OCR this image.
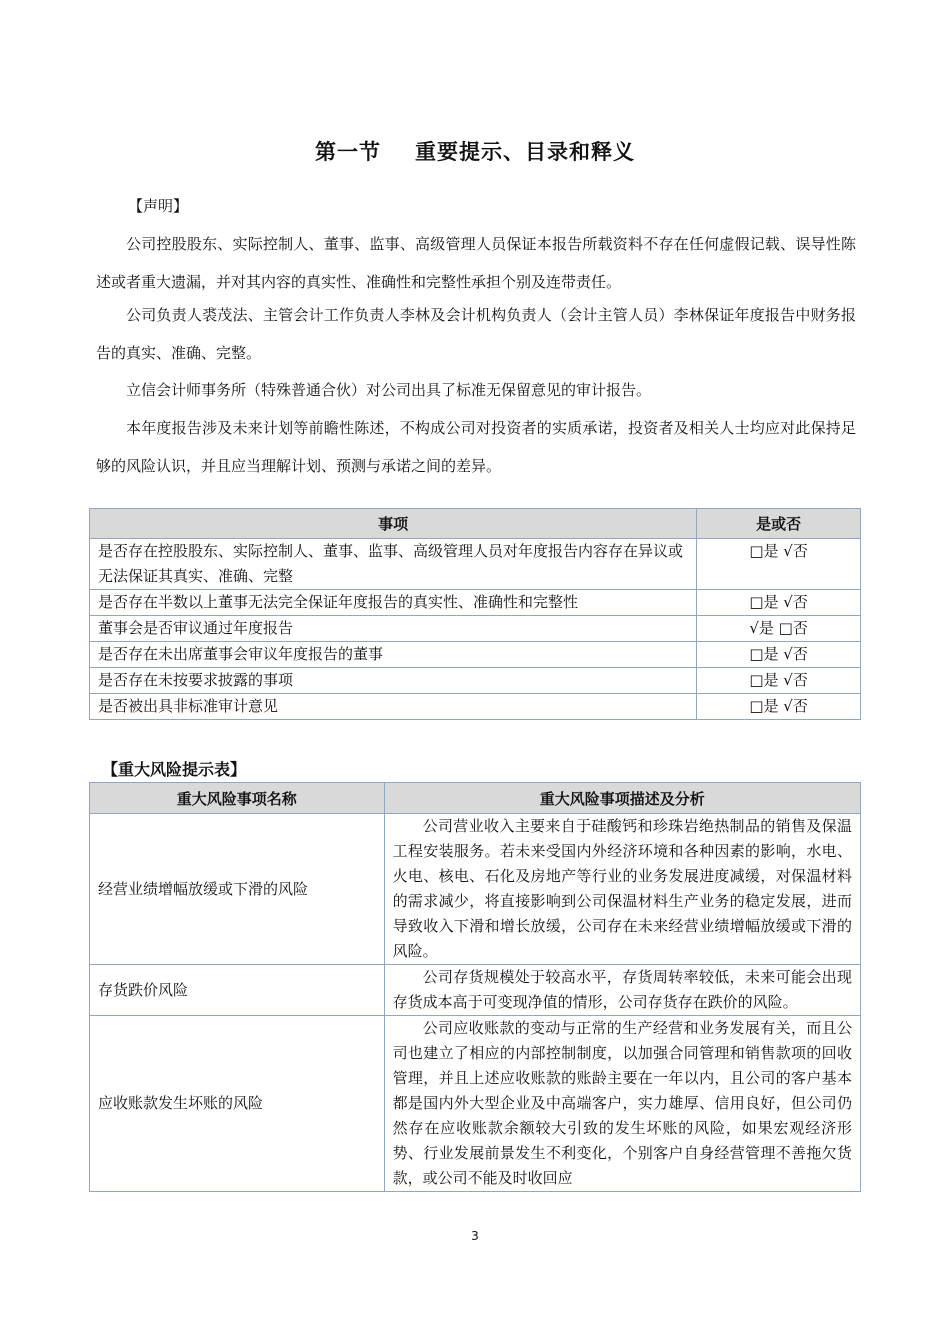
第一节 重要提示、目录和释义

【声明】

公司控股股东、实际控制人、董事、监事、高级管理人员保证本报告所载资料不存在任何虚假记载、误导性陈述或者重大遗漏，并对其内容的真实性、准确性和完整性承担个别及连带责任。

公司负责人裘茂法、主管会计工作负责人李林及会计机构负责人（会计主管人员）李林保证年度报告中财务报告的真实、准确、完整。

立信会计师事务所（特殊普通合伙）对公司出具了标准无保留意见的审计报告。

本年度报告涉及未来计划等前瞻性陈述，不构成公司对投资者的实质承诺，投资者及相关人士均应对此保持足够的风险认识，并且应当理解计划、预测与承诺之间的差异。

事项	是或否
是否存在控股股东、实际控制人、董事、监事、高级管理人员对年度报告内容存在异议或无法保证其真实、准确、完整	□是 √否
是否存在半数以上董事无法完全保证年度报告的真实性、准确性和完整性	□是 √否
董事会是否审议通过年度报告	√是 □否
是否存在未出席董事会审议年度报告的董事	□是 √否
是否存在未按要求披露的事项	□是 √否
是否被出具非标准审计意见	□是 √否
【重大风险提示表】
重大风险事项名称	重大风险事项描述及分析
经营业绩增幅放缓或下滑的风险	公司营业收入主要来自于硅酸钙和珍珠岩绝热制品的销售及保温工程安装服务。若未来受国内外经济环境和各种因素的影响，水电、火电、核电、石化及房地产等行业的业务发展进度减缓，对保温材料的需求减少，将直接影响到公司保温材料生产业务的稳定发展，进而导致收入下滑和增长放缓，公司存在未来经营业绩增幅放缓或下滑的风险。
存货跌价风险	公司存货规模处于较高水平，存货周转率较低，未来可能会出现存货成本高于可变现净值的情形，公司存货存在跌价的风险。
应收账款发生坏账的风险	公司应收账款的变动与正常的生产经营和业务发展有关，而且公司也建立了相应的内部控制制度，以加强合同管理和销售款项的回收管理，并且上述应收账款的账龄主要在一年以内，且公司的客户基本都是国内外大型企业及中高端客户，实力雄厚、信用良好，但公司仍然存在应收账款余额较大引致的发生坏账的风险，如果宏观经济形势、行业发展前景发生不利变化，个别客户自身经营管理不善拖欠货款，或公司不能及时收回应
3
